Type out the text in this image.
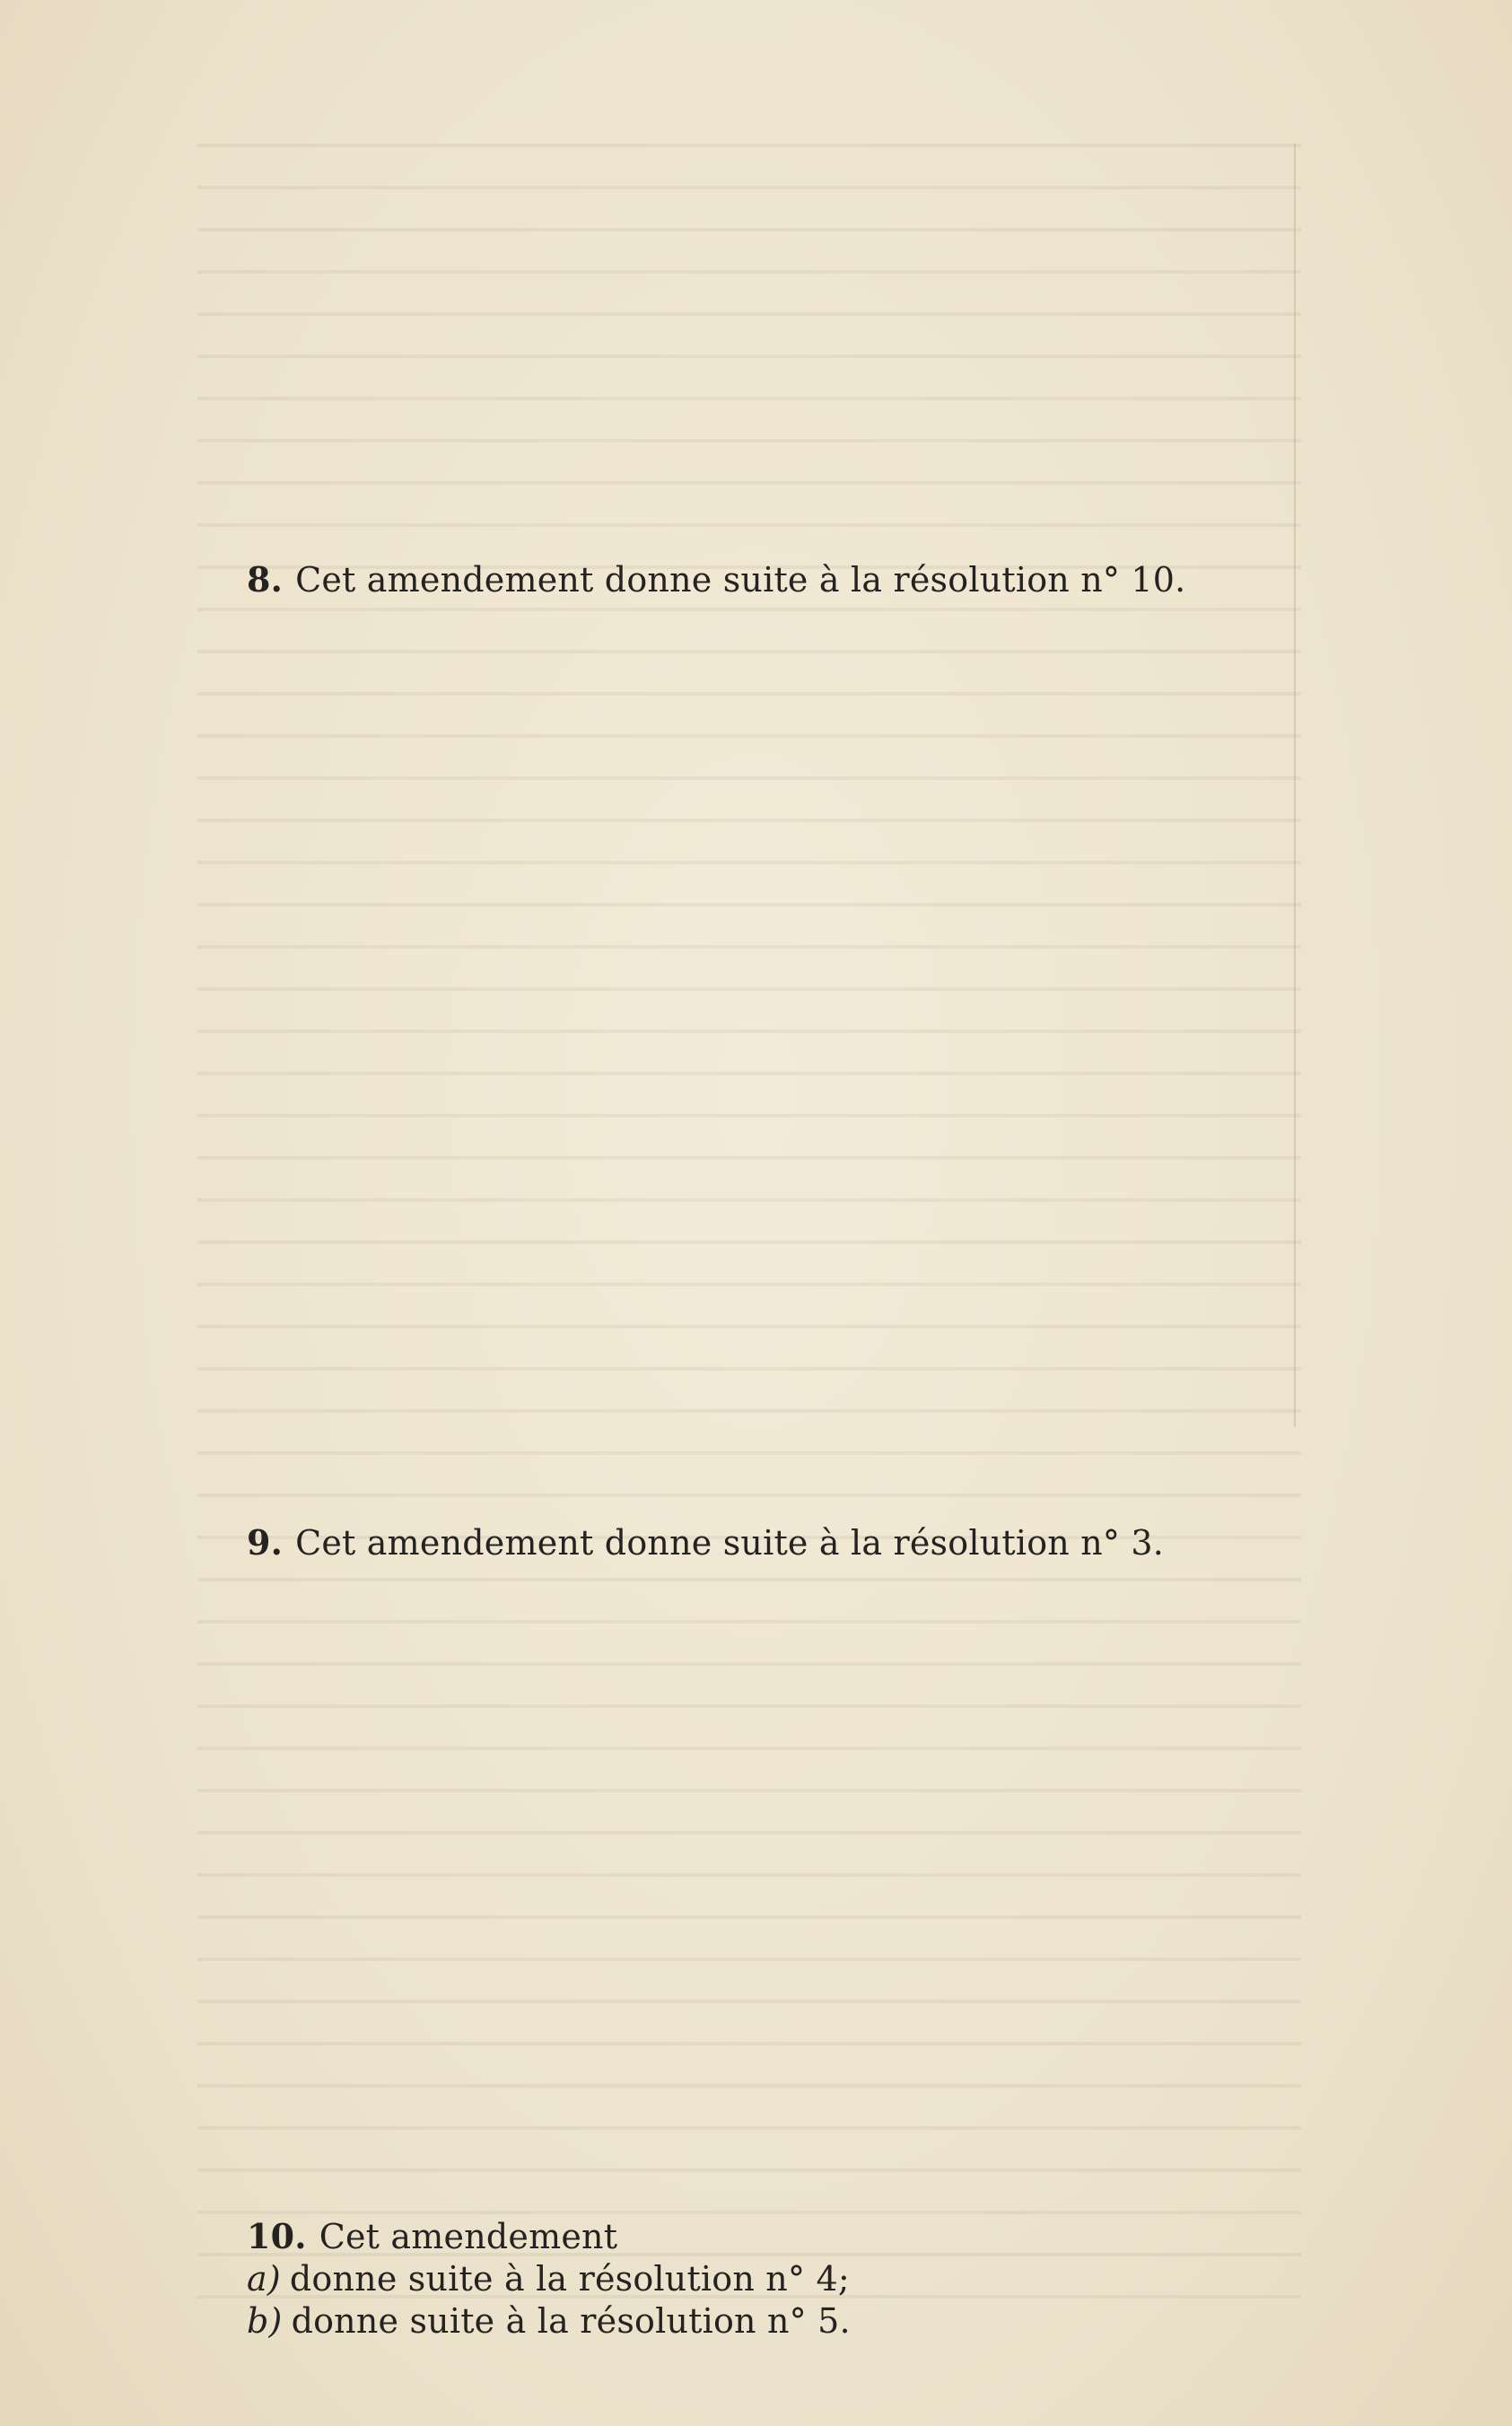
8. Cet amendement donne suite à la résolution n° 10.

9. Cet amendement donne suite à la résolution n° 3.

10. Cet amendement
a) donne suite à la résolution n° 4;
b) donne suite à la résolution n° 5.
